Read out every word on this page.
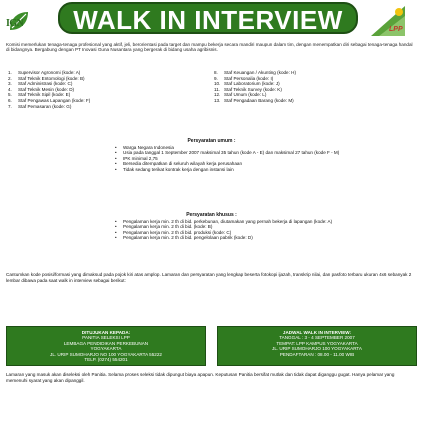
IGN	WALK IN INTERVIEW	LPP

Komisi memerlukan tenaga-tenaga profesional yang aktif, jeli, berorientasi pada target dan mampu bekerja secara mandiri maupun dalam tim, dengan menempatkan diri sebagai tenaga-tenaga handal di bidangnya. Bergabung dengan PT Inovasi Guna Nusantara yang bergerak di bidang usaha agribisnis.

1.	Supervisor Agronomi (kode: A)
2.	Staf Teknik Entomologi (kode: B)
3.	Staf Administrasi (kode: C)
4.	Staf Teknik Mesin (kode: D)
5.	Staf Teknik Sipil (kode: E)
6.	Staf Pengawas Lapangan (kode: F)
7.	Staf Pemasaran (kode: G)
8.	Staf Keuangan / Akunting (kode: H)
9.	Staf Personalia (kode: I)
10. Staf Laboratorium (kode: J)
11. Staf Teknik Survey (kode: K)
12. Staf Umum (kode: L)
13. Staf Pengadaan Barang (kode: M)
Persyaratan umum :
•	Warga Negara Indonesia
•	Usia pada tanggal 1 September 2007 maksimal 35 tahun (kode A - E) dan maksimal 27 tahun (kode F - M)
•	IPK minimal 2,75
•	Bersedia ditempatkan di seluruh wilayah kerja perusahaan
•	Tidak sedang terikat kontrak kerja dengan instansi lain
Persyaratan khusus :
•	Pengalaman kerja min. 2 th di bid. perkebunan, diutamakan yang pernah bekerja di lapangan (kode: A)
•	Pengalaman kerja min. 2 th di bid. (kode: B)
•	Pengalaman kerja min. 2 th di bid. produksi (kode: C)
•	Pengalaman kerja min. 2 th di bid. pengelolaan pabrik (kode: D)

Cantumkan kode posisi/formasi yang dimaksud pada pojok kiri atas amplop. Lamaran dan persyaratan yang lengkap beserta fotokopi ijazah, transkrip nilai, dan pasfoto terbaru ukuran 4x6 sebanyak 2 lembar dibawa pada saat walk in interview sebagai berikut:

DITUJUKAN KEPADA:
PANITIA SELEKSI LPP
LEMBAGA PENDIDIKAN PERKEBUNAN
YOGYAKARTA
JL. URIP SUMOHARJO NO 100 YOGYAKARTA 55222
TELP. (0274) 554201
JADWAL WALK IN INTERVIEW:
TANGGAL : 3 - 4 SEPTEMBER 2007
TEMPAT: LPP KAMPUS YOGYAKARTA
JL. URIP SUMOHARJO 100 YOGYAKARTA
PENDAFTARAN : 08.00 - 11.00 WIB

Lamaran yang masuk akan diseleksi oleh Panitia. Selama proses seleksi tidak dipungut biaya apapun. Keputusan Panitia bersifat mutlak dan tidak dapat diganggu gugat. Hanya pelamar yang memenuhi syarat yang akan dipanggil.
